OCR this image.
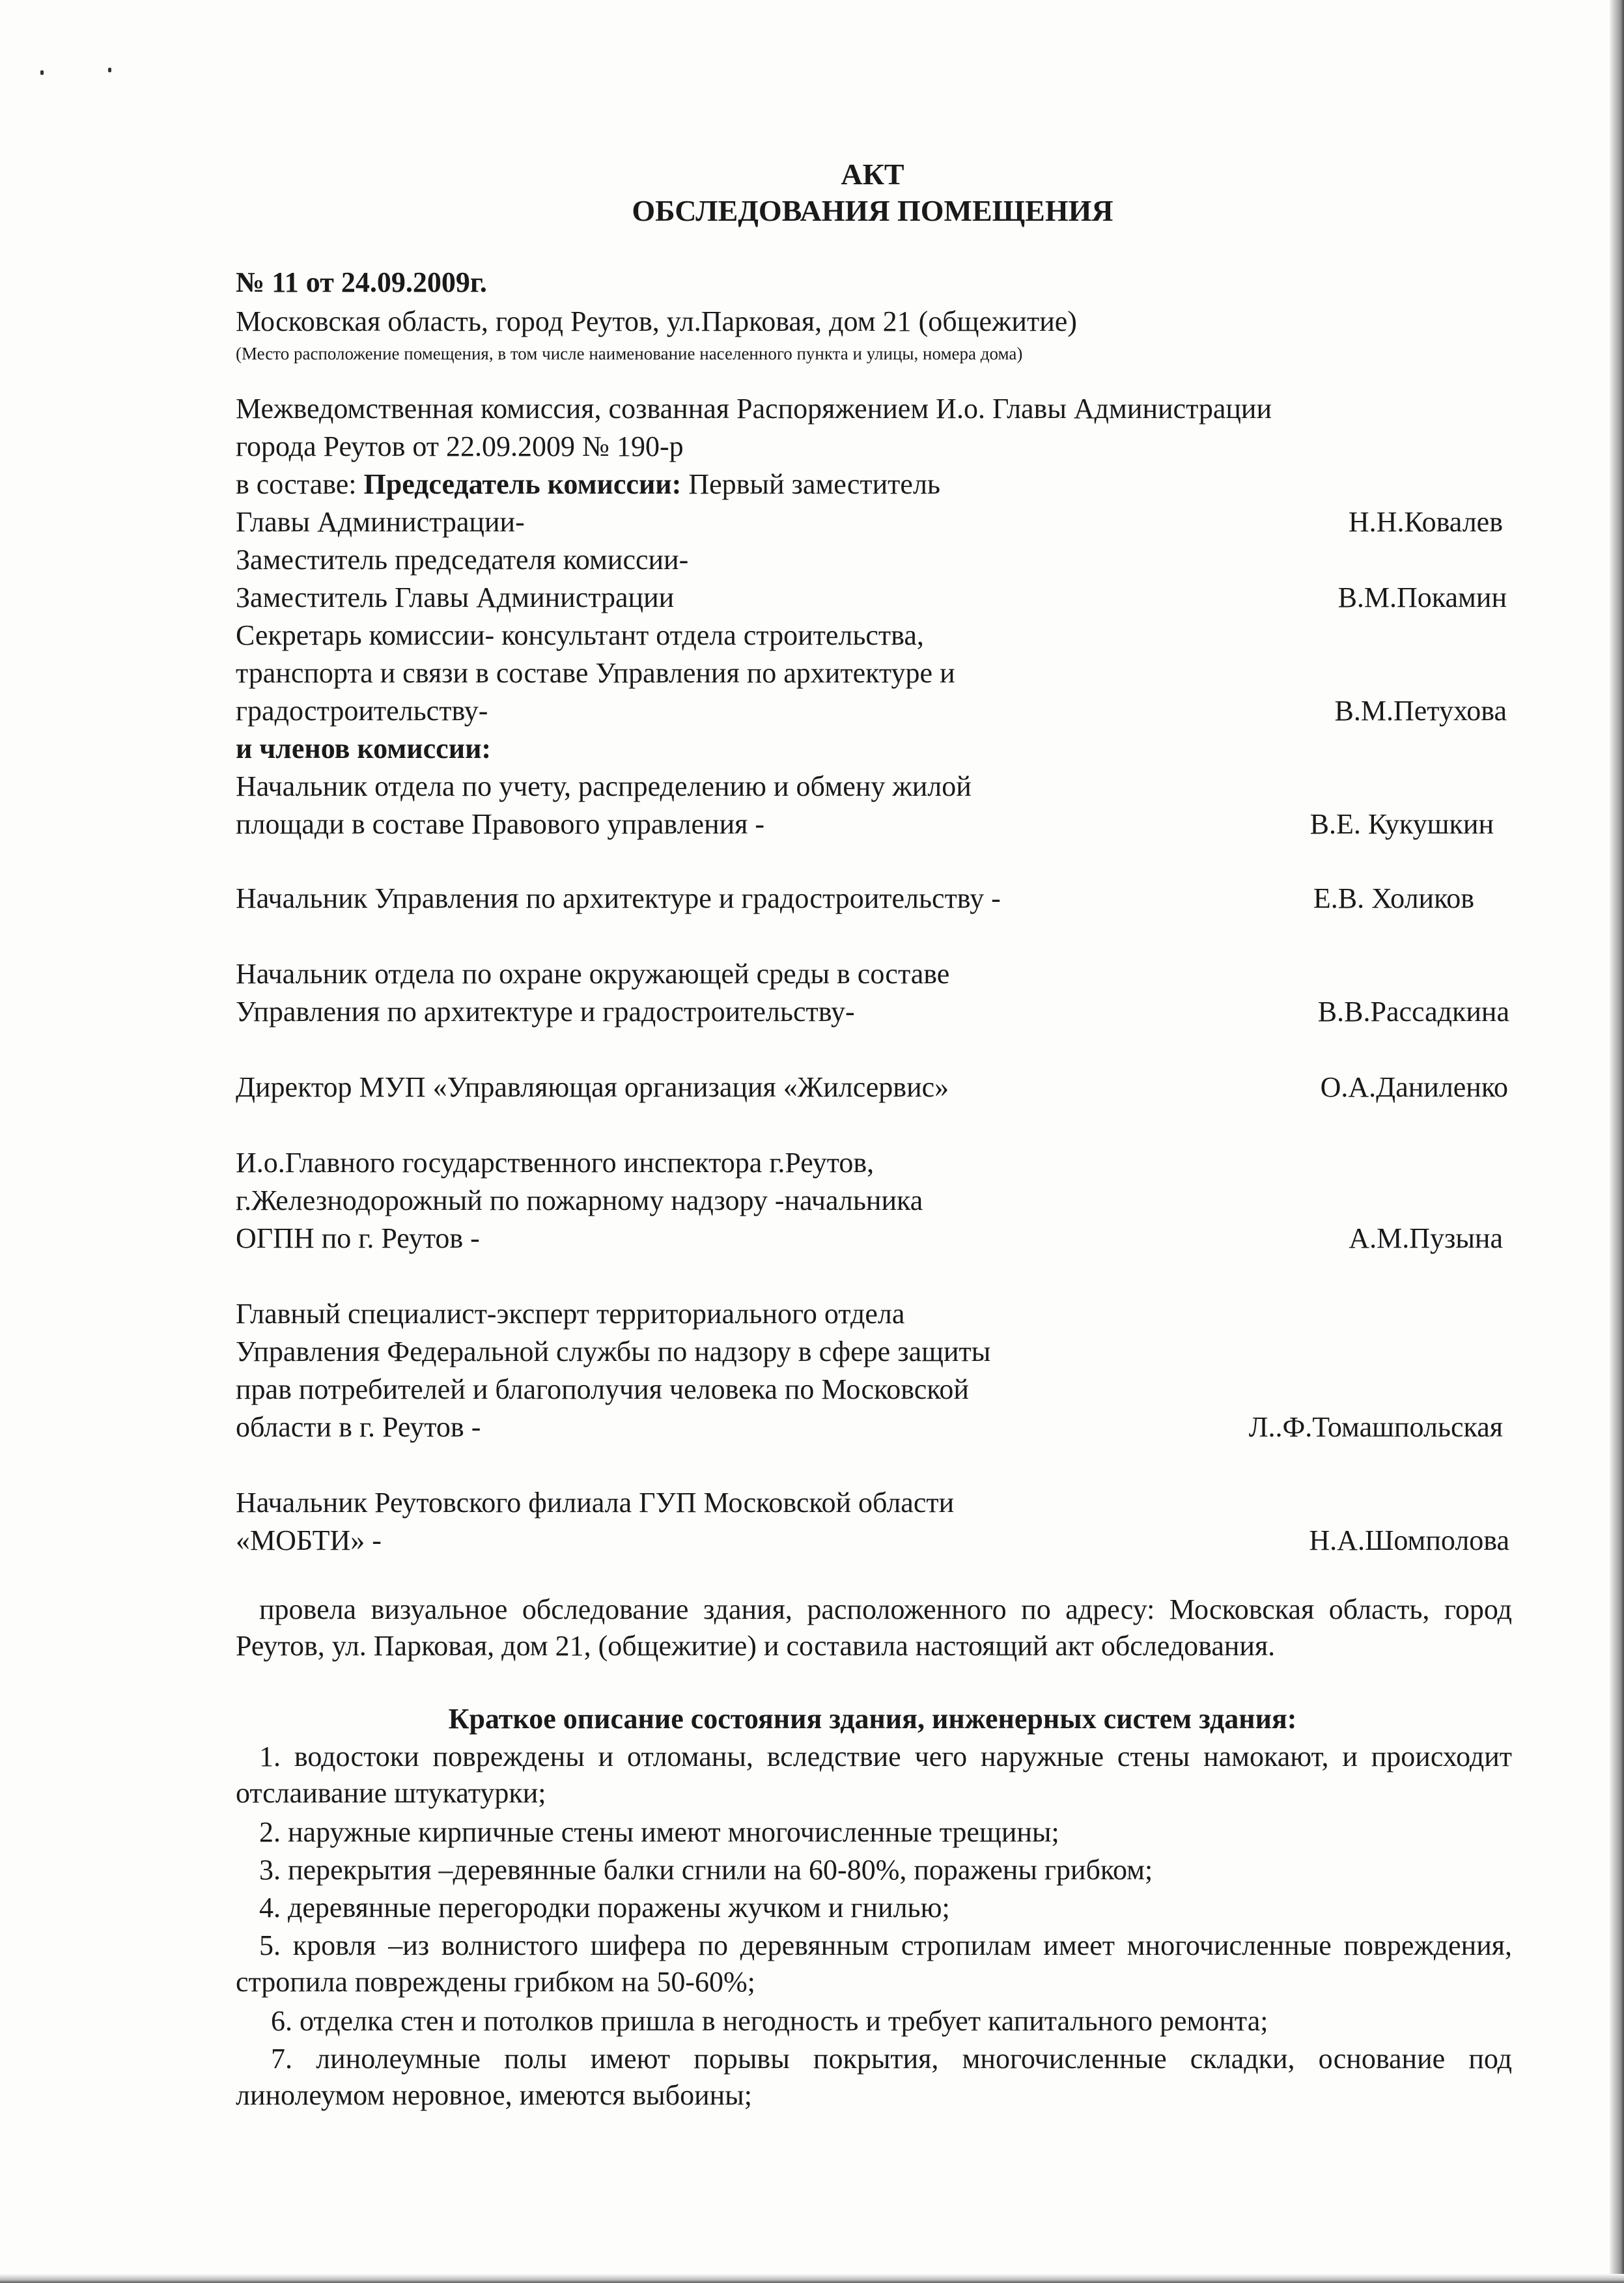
АКТ
ОБСЛЕДОВАНИЯ ПОМЕЩЕНИЯ
№ 11 от 24.09.2009г.
Московская область, город Реутов, ул.Парковая, дом 21 (общежитие)
(Место расположение помещения, в том числе наименование населенного пункта и улицы, номера дома)
Межведомственная комиссия, созванная Распоряжением И.о. Главы Администрации
города Реутов от 22.09.2009 № 190-р
в составе: Председатель комиссии: Первый заместитель
Главы Администрации-	Н.Н.Ковалев
Заместитель председателя комиссии-
Заместитель Главы Администрации	В.М.Покамин
Секретарь комиссии- консультант отдела строительства,
транспорта и связи в составе Управления по архитектуре и
градостроительству-	В.М.Петухова
и членов комиссии:
Начальник отдела по учету, распределению и обмену жилой
площади в составе Правового управления -	В.Е. Кукушкин
Начальник Управления по архитектуре и градостроительству -	Е.В. Холиков
Начальник отдела по охране окружающей среды в составе
Управления по архитектуре и градостроительству-	В.В.Рассадкина
Директор МУП «Управляющая организация «Жилсервис»	О.А.Даниленко
И.о.Главного государственного инспектора г.Реутов,
г.Железнодорожный по пожарному надзору -начальника
ОГПН по г. Реутов -	А.М.Пузына
Главный специалист-эксперт территориального отдела
Управления Федеральной службы по надзору в сфере защиты
прав потребителей и благополучия человека по Московской
области в г. Реутов -	Л..Ф.Томашпольская
Начальник Реутовского филиала ГУП Московской области
«МОБТИ» -	Н.А.Шомполова
провела визуальное обследование здания, расположенного по адресу: Московская область, город Реутов, ул. Парковая, дом 21, (общежитие) и составила настоящий акт обследования.
Краткое описание состояния здания, инженерных систем здания:
1. водостоки повреждены и отломаны, вследствие чего наружные стены намокают, и происходит отслаивание штукатурки;
2. наружные кирпичные стены имеют многочисленные трещины;
3. перекрытия –деревянные балки сгнили на 60-80%, поражены грибком;
4. деревянные перегородки поражены жучком и гнилью;
5. кровля –из волнистого шифера по деревянным стропилам имеет многочисленные повреждения, стропила повреждены грибком на 50-60%;
6. отделка стен и потолков пришла в негодность и требует капитального ремонта;
7. линолеумные полы имеют порывы покрытия, многочисленные складки, основание под линолеумом неровное, имеются выбоины;
